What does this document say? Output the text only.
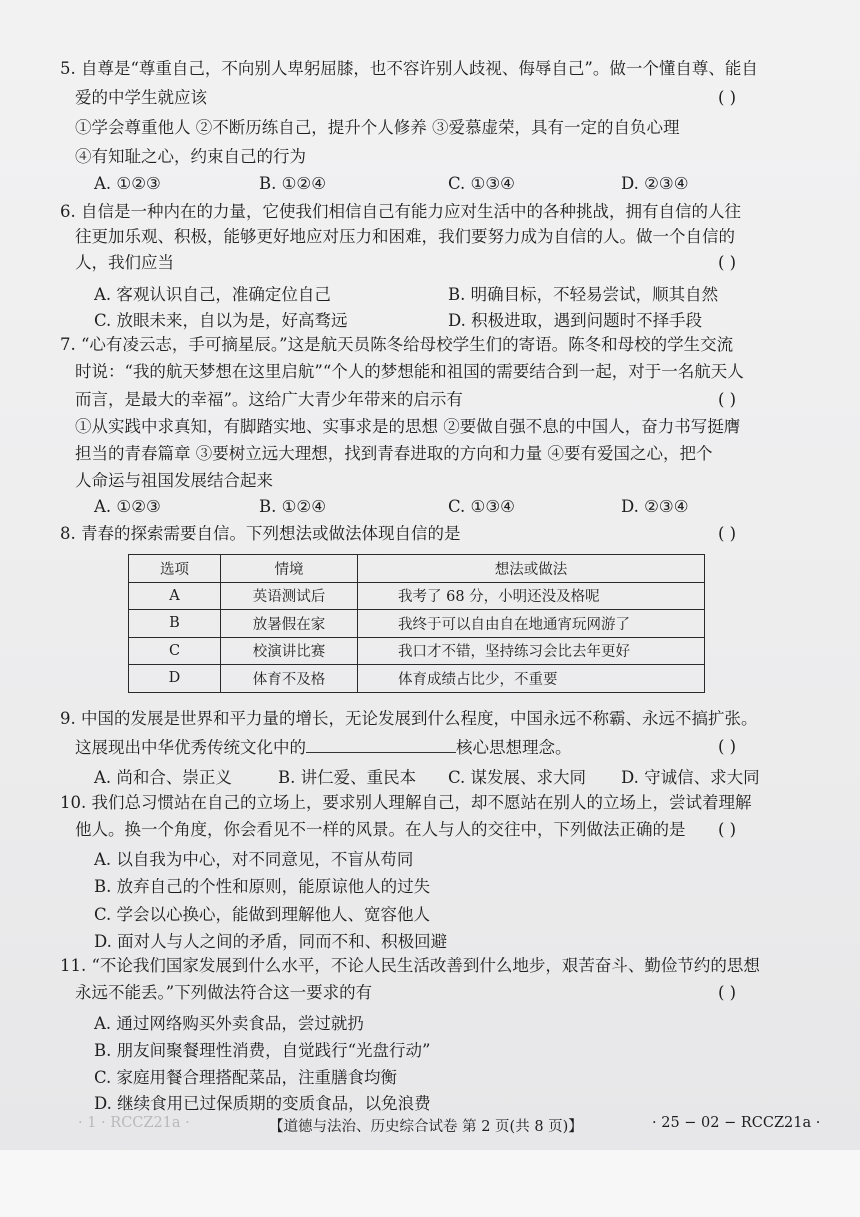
5. 自尊是“尊重自己，不向别人卑躬屈膝，也不容许别人歧视、侮辱自己”。做一个懂自尊、能自
爱的中学生就应该	( )
①学会尊重他人 ②不断历练自己，提升个人修养 ③爱慕虚荣，具有一定的自负心理
④有知耻之心，约束自己的行为
A. ①②③	B. ①②④	C. ①③④	D. ②③④
6. 自信是一种内在的力量，它使我们相信自己有能力应对生活中的各种挑战，拥有自信的人往
往更加乐观、积极，能够更好地应对压力和困难，我们要努力成为自信的人。做一个自信的
人，我们应当	( )
A. 客观认识自己，准确定位自己	B. 明确目标，不轻易尝试，顺其自然
C. 放眼未来，自以为是，好高骛远	D. 积极进取，遇到问题时不择手段
7. “心有凌云志，手可摘星辰。”这是航天员陈冬给母校学生们的寄语。陈冬和母校的学生交流
时说：“我的航天梦想在这里启航”“个人的梦想能和祖国的需要结合到一起，对于一名航天人
而言，是最大的幸福”。这给广大青少年带来的启示有	( )
①从实践中求真知，有脚踏实地、实事求是的思想 ②要做自强不息的中国人，奋力书写挺膺
担当的青春篇章 ③要树立远大理想，找到青春进取的方向和力量 ④要有爱国之心，把个
人命运与祖国发展结合起来
A. ①②③	B. ①②④	C. ①③④	D. ②③④
8. 青春的探索需要自信。下列想法或做法体现自信的是	( )
选项	情境	想法或做法
A	英语测试后	我考了 68 分，小明还没及格呢
B	放暑假在家	我终于可以自由自在地通宵玩网游了
C	校演讲比赛	我口才不错，坚持练习会比去年更好
D	体育不及格	体育成绩占比少，不重要
9. 中国的发展是世界和平力量的增长，无论发展到什么程度，中国永远不称霸、永远不搞扩张。
这展现出中华优秀传统文化中的	核心思想理念。	( )
A. 尚和合、崇正义	B. 讲仁爱、重民本 C. 谋发展、求大同 D. 守诚信、求大同
10. 我们总习惯站在自己的立场上，要求别人理解自己，却不愿站在别人的立场上，尝试着理解
他人。换一个角度，你会看见不一样的风景。在人与人的交往中，下列做法正确的是 ( )
A. 以自我为中心，对不同意见，不盲从苟同
B. 放弃自己的个性和原则，能原谅他人的过失
C. 学会以心换心，能做到理解他人、宽容他人
D. 面对人与人之间的矛盾，同而不和、积极回避
11. “不论我们国家发展到什么水平，不论人民生活改善到什么地步，艰苦奋斗、勤俭节约的思想
永远不能丢。”下列做法符合这一要求的有	( )
A. 通过网络购买外卖食品，尝过就扔
B. 朋友间聚餐理性消费，自觉践行“光盘行动”
C. 家庭用餐合理搭配菜品，注重膳食均衡
D. 继续食用已过保质期的变质食品，以免浪费
· 1 · RCCZ21a ·	【道德与法治、历史综合试卷 第 2 页(共 8 页)】	· 25 − 02 − RCCZ21a ·
